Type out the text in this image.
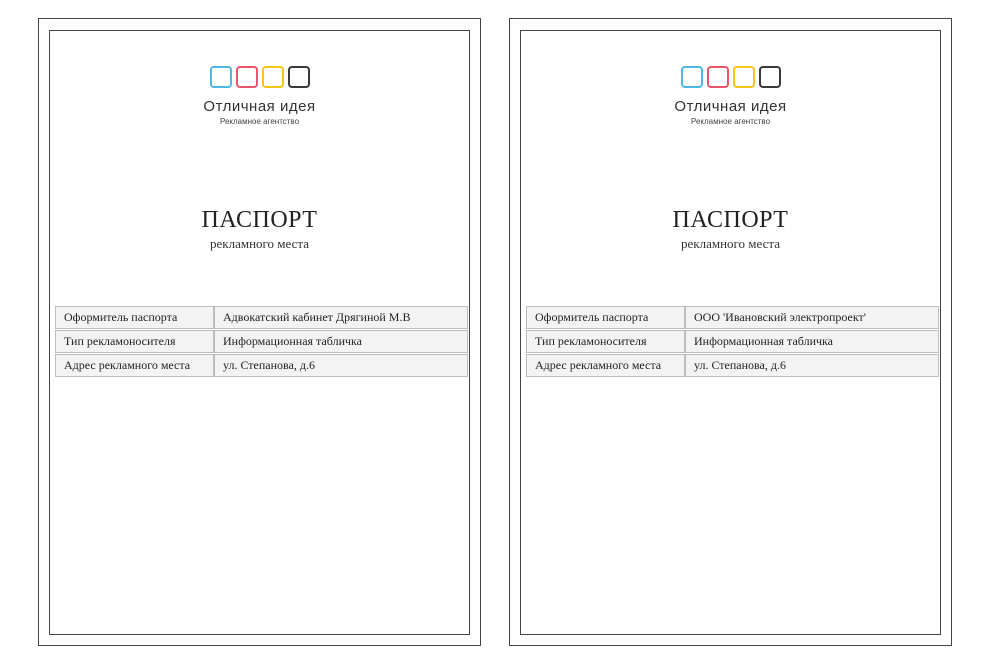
Отличная идея
Рекламное агентство
ПАСПОРТ
рекламного места
Оформитель паспорта	Адвокатский кабинет Дрягиной М.В
Тип рекламоносителя	Информационная табличка
Адрес рекламного места	ул. Степанова, д.6
Отличная идея
Рекламное агентство
ПАСПОРТ
рекламного места
Оформитель паспорта	ООО 'Ивановский электропроект'
Тип рекламоносителя	Информационная табличка
Адрес рекламного места	ул. Степанова, д.6
